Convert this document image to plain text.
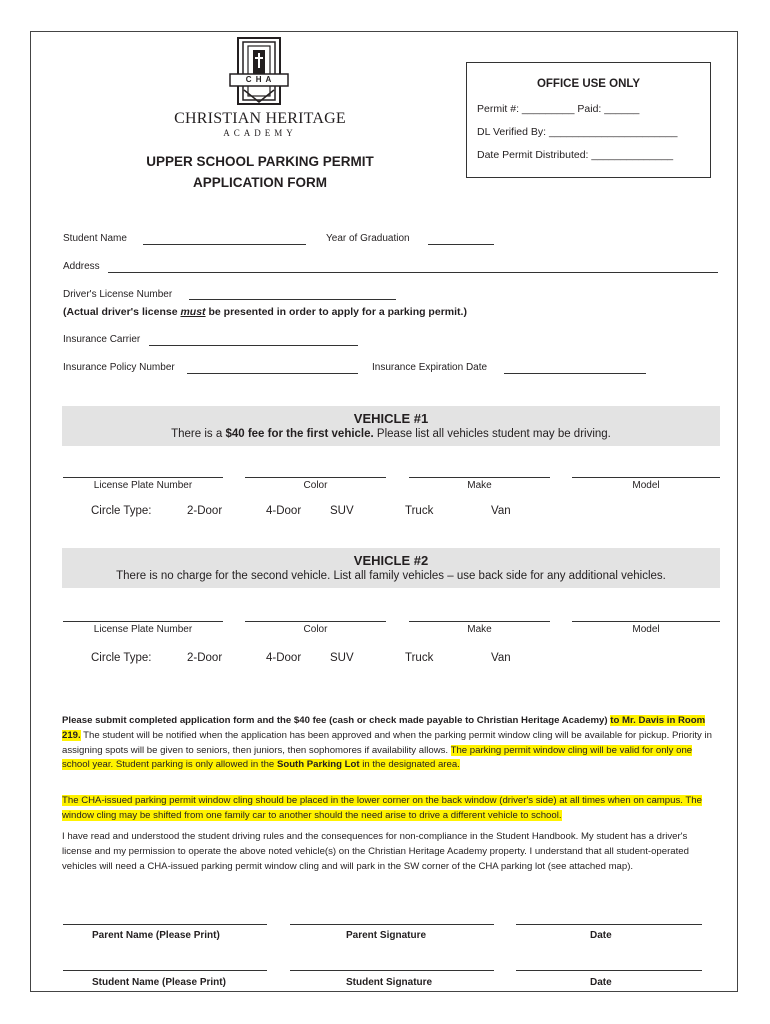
C H A
CHRISTIAN HERITAGE
ACADEMY
UPPER SCHOOL PARKING PERMIT
APPLICATION FORM
OFFICE USE ONLY
Permit #: _________ Paid: ______
DL Verified By: ______________________
Date Permit Distributed: ______________
Student Name	Year of Graduation
Address
Driver's License Number
(Actual driver's license must be presented in order to apply for a parking permit.)
Insurance Carrier
Insurance Policy Number	Insurance Expiration Date
VEHICLE #1
There is a $40 fee for the first vehicle. Please list all vehicles student may be driving.
License Plate Number	Color	Make	Model
Circle Type:	2-Door	4-Door	SUV	Truck	Van
VEHICLE #2
There is no charge for the second vehicle. List all family vehicles – use back side for any additional vehicles.
License Plate Number	Color	Make	Model
Circle Type:	2-Door	4-Door	SUV	Truck	Van
Please submit completed application form and the $40 fee (cash or check made payable to Christian Heritage Academy) to Mr. Davis in Room 219. The student will be notified when the application has been approved and when the parking permit window cling will be available for pickup. Priority in assigning spots will be given to seniors, then juniors, then sophomores if availability allows. The parking permit window cling will be valid for only one school year. Student parking is only allowed in the South Parking Lot in the designated area.
The CHA-issued parking permit window cling should be placed in the lower corner on the back window (driver's side) at all times when on campus. The window cling may be shifted from one family car to another should the need arise to drive a different vehicle to school.
I have read and understood the student driving rules and the consequences for non-compliance in the Student Handbook. My student has a driver's license and my permission to operate the above noted vehicle(s) on the Christian Heritage Academy property. I understand that all student-operated vehicles will need a CHA-issued parking permit window cling and will park in the SW corner of the CHA parking lot (see attached map).
Parent Name (Please Print)	Parent Signature	Date
Student Name (Please Print)	Student Signature	Date
